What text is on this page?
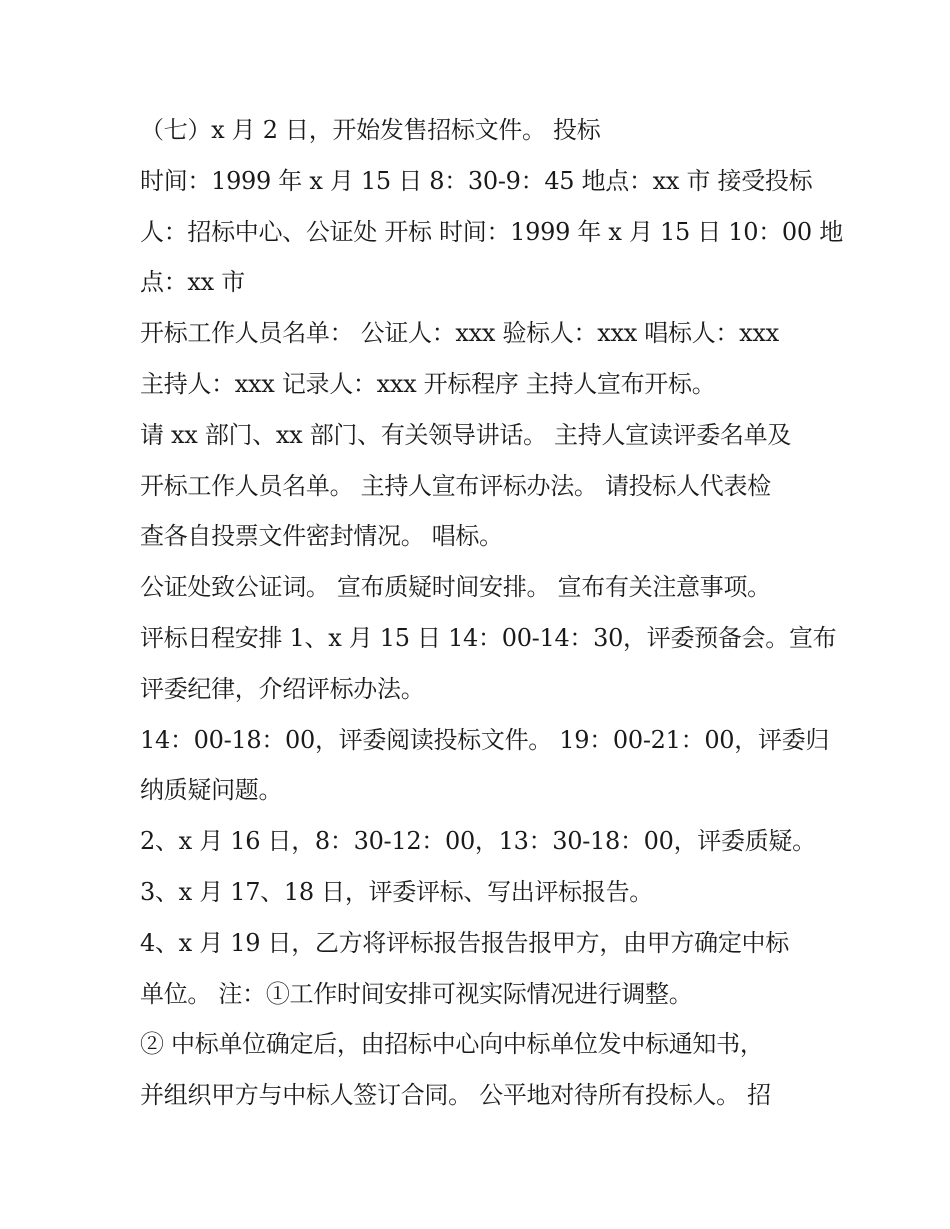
（七）x 月 2 日，开始发售招标文件。 投标
时间：1999 年 x 月 15 日 8：30-9：45 地点：xx 市 接受投标
人：招标中心、公证处 开标 时间：1999 年 x 月 15 日 10：00 地
点：xx 市
开标工作人员名单： 公证人：xxx 验标人：xxx 唱标人：xxx
主持人：xxx 记录人：xxx 开标程序 主持人宣布开标。
请 xx 部门、xx 部门、有关领导讲话。 主持人宣读评委名单及
开标工作人员名单。 主持人宣布评标办法。 请投标人代表检
查各自投票文件密封情况。 唱标。
公证处致公证词。 宣布质疑时间安排。 宣布有关注意事项。
评标日程安排 1、x 月 15 日 14：00-14：30，评委预备会。宣布
评委纪律，介绍评标办法。
14：00-18：00，评委阅读投标文件。 19：00-21：00，评委归
纳质疑问题。
2、x 月 16 日，8：30-12：00，13：30-18：00，评委质疑。
3、x 月 17、18 日，评委评标、写出评标报告。
4、x 月 19 日，乙方将评标报告报告报甲方，由甲方确定中标
单位。 注：①工作时间安排可视实际情况进行调整。
② 中标单位确定后，由招标中心向中标单位发中标通知书，
并组织甲方与中标人签订合同。 公平地对待所有投标人。 招
